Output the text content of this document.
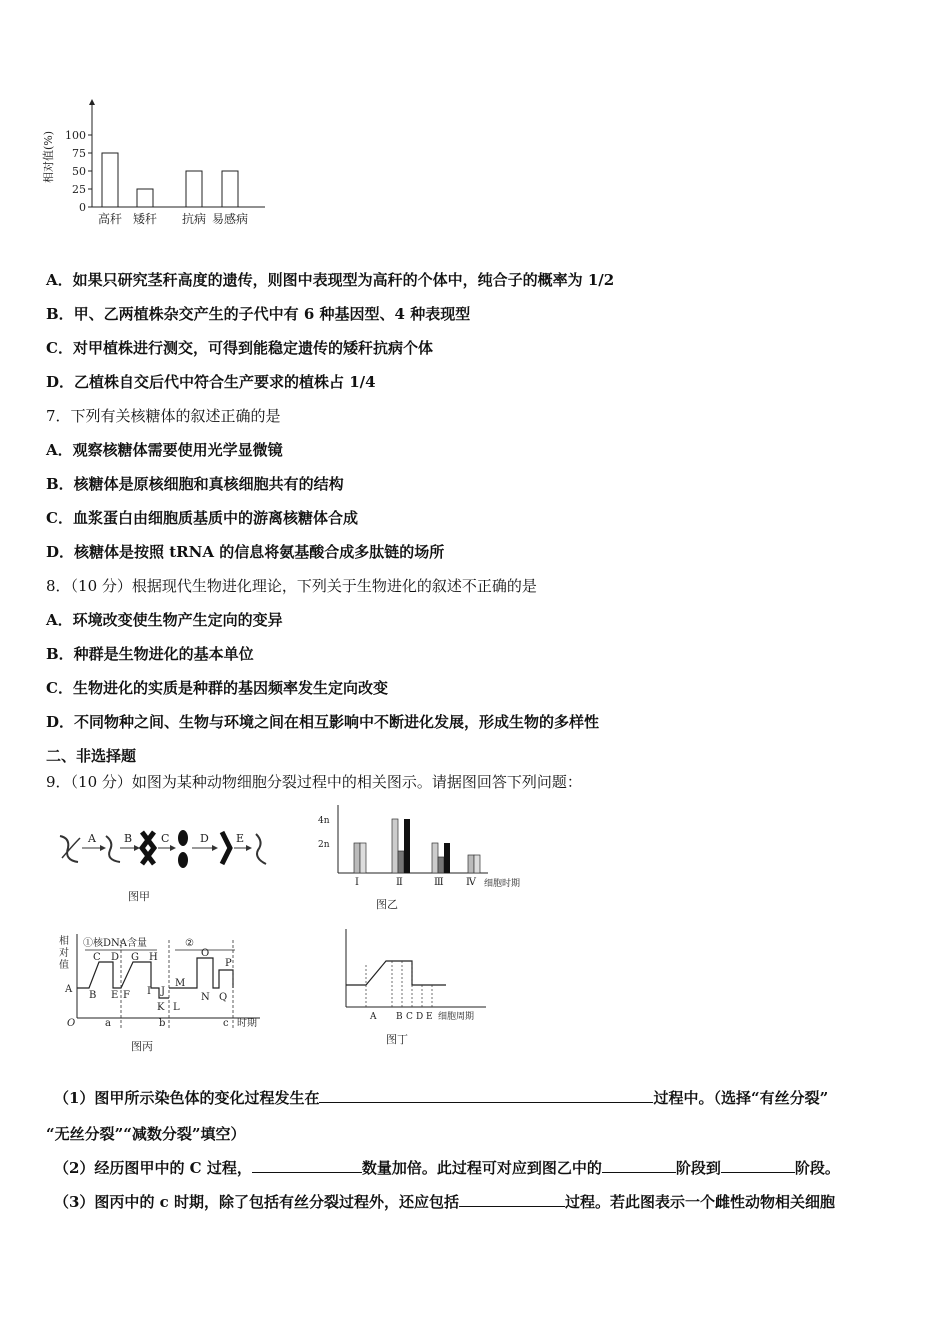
相对值(%) 100
75
50
25
0
高秆 矮秆 抗病 易感病
A．如果只研究茎秆高度的遗传，则图中表现型为高秆的个体中，纯合子的概率为 1/2
B．甲、乙两植株杂交产生的子代中有 6 种基因型、4 种表现型
C．对甲植株进行测交，可得到能稳定遗传的矮秆抗病个体
D．乙植株自交后代中符合生产要求的植株占 1/4
7．下列有关核糖体的叙述正确的是
A．观察核糖体需要使用光学显微镜
B．核糖体是原核细胞和真核细胞共有的结构
C．血浆蛋白由细胞质基质中的游离核糖体合成
D．核糖体是按照 tRNA 的信息将氨基酸合成多肽链的场所
8．（10 分）根据现代生物进化理论，下列关于生物进化的叙述不正确的是
A．环境改变使生物产生定向的变异
B．种群是生物进化的基本单位
C．生物进化的实质是种群的基因频率发生定向改变
D．不同物种之间、生物与环境之间在相互影响中不断进化发展，形成生物的多样性
二、非选择题
9．（10 分）如图为某种动物细胞分裂过程中的相关图示。请据图回答下列问题：
A	B	C	D E
图甲
4n
2n
Ⅰ	Ⅱ	Ⅲ Ⅳ 细胞时期
图乙
相
对
值
①核DNA含量	②
A
B
C D
E F
G H
I J
K L
M
N
O
P
Q
O	a	b	c 时期
图丙
A B C D E 细胞周期
图丁
（1）图甲所示染色体的变化过程发生在	过程中。（选择“有丝分裂”
“无丝分裂”“减数分裂”填空）
（2）经历图甲中的 C 过程，	数量加倍。此过程可对应到图乙中的	阶段到	阶段。
（3）图丙中的 c 时期，除了包括有丝分裂过程外，还应包括	过程。若此图表示一个雌性动物相关细胞
